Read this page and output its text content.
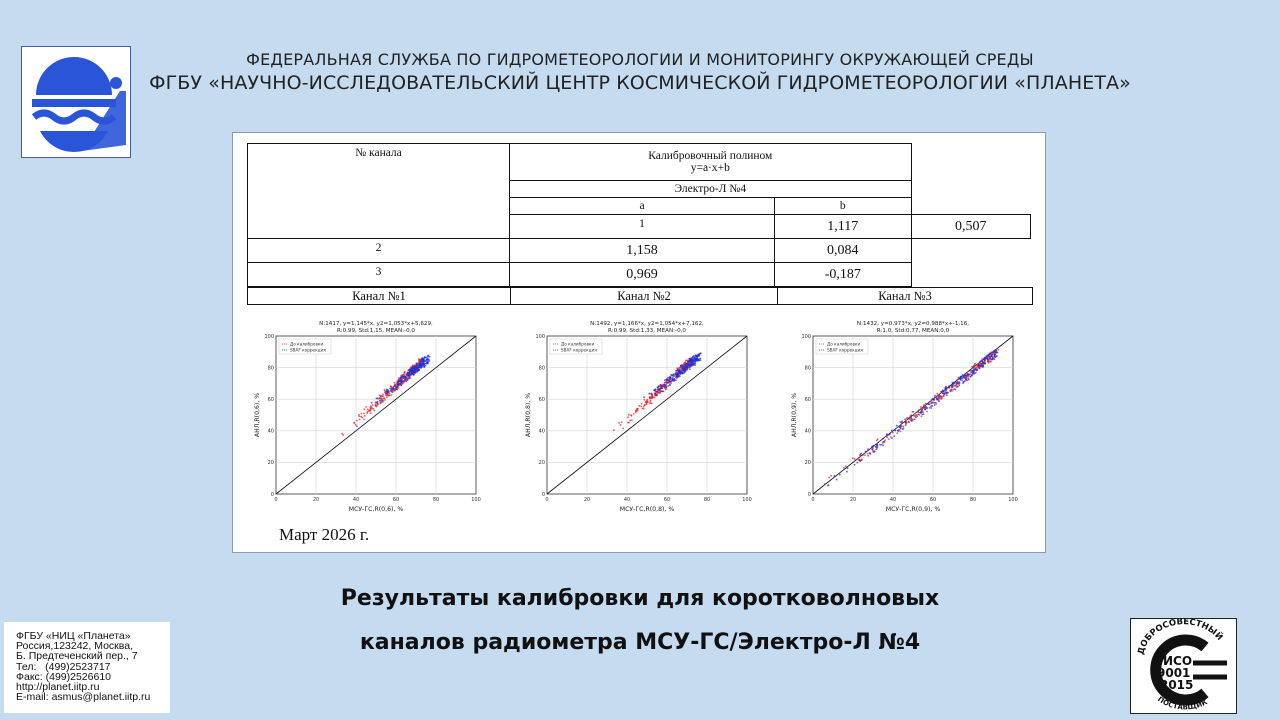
ФЕДЕРАЛЬНАЯ СЛУЖБА ПО ГИДРОМЕТЕОРОЛОГИИ И МОНИТОРИНГУ ОКРУЖАЮЩЕЙ СРЕДЫ
ФГБУ «НАУЧНО-ИССЛЕДОВАТЕЛЬСКИЙ ЦЕНТР КОСМИЧЕСКОЙ ГИДРОМЕТЕОРОЛОГИИ «ПЛАНЕТА»
№ канала	Калибровочный полином
y=a·x+b		

	Электро-Л №4		
	a	b	
	1	1,117	0,507
2	1,158	0,084	
3	0,969	-0,187	
Канал №1	Канал №2	Канал №3
N:1417, y=1,145*x, y2=1,053*x+5,629,
R:0,99, Std:1,15, MEAN:-0,0
0
0
20
20
40
40
60
60
80
80
100
100
До калибровки
SBAF коррекция
МСУ-ГС,R(0,6), %
АНЛ,R(0,6), %
N:1492, y=1,166*x, y2=1,054*x+7,162,
R:0,99, Std:1,33, MEAN:-0,0
0
0
20
20
40
40
60
60
80
80
100
100
До калибровки
SBAF коррекция
МСУ-ГС,R(0,8), %
АНЛ,R(0,8), %
N:1432, y=0,973*x, y2=0,988*x+-1,16,
R:1,0, Std:0,77, MEAN:0,0
0
0
20
20
40
40
60
60
80
80
100
100
До калибровки
SBAF коррекция
МСУ-ГС,R(0,9), %
АНЛ,R(0,9), %
Март 2026 г.
Результаты калибровки для коротковолновых
каналов радиометра МСУ-ГС/Электро-Л №4
ФГБУ «НИЦ «Планета»
Россия,123242, Москва,
Б. Предтеченский пер., 7
Тел:   (499)2523717
Факс: (499)2526610
http://planet.iitp.ru
E-mail: asmus@planet.iitp.ru
ДОБРОСОВЕСТНЫЙ
ПОСТАВЩИК
ИСО
9001
-2015
